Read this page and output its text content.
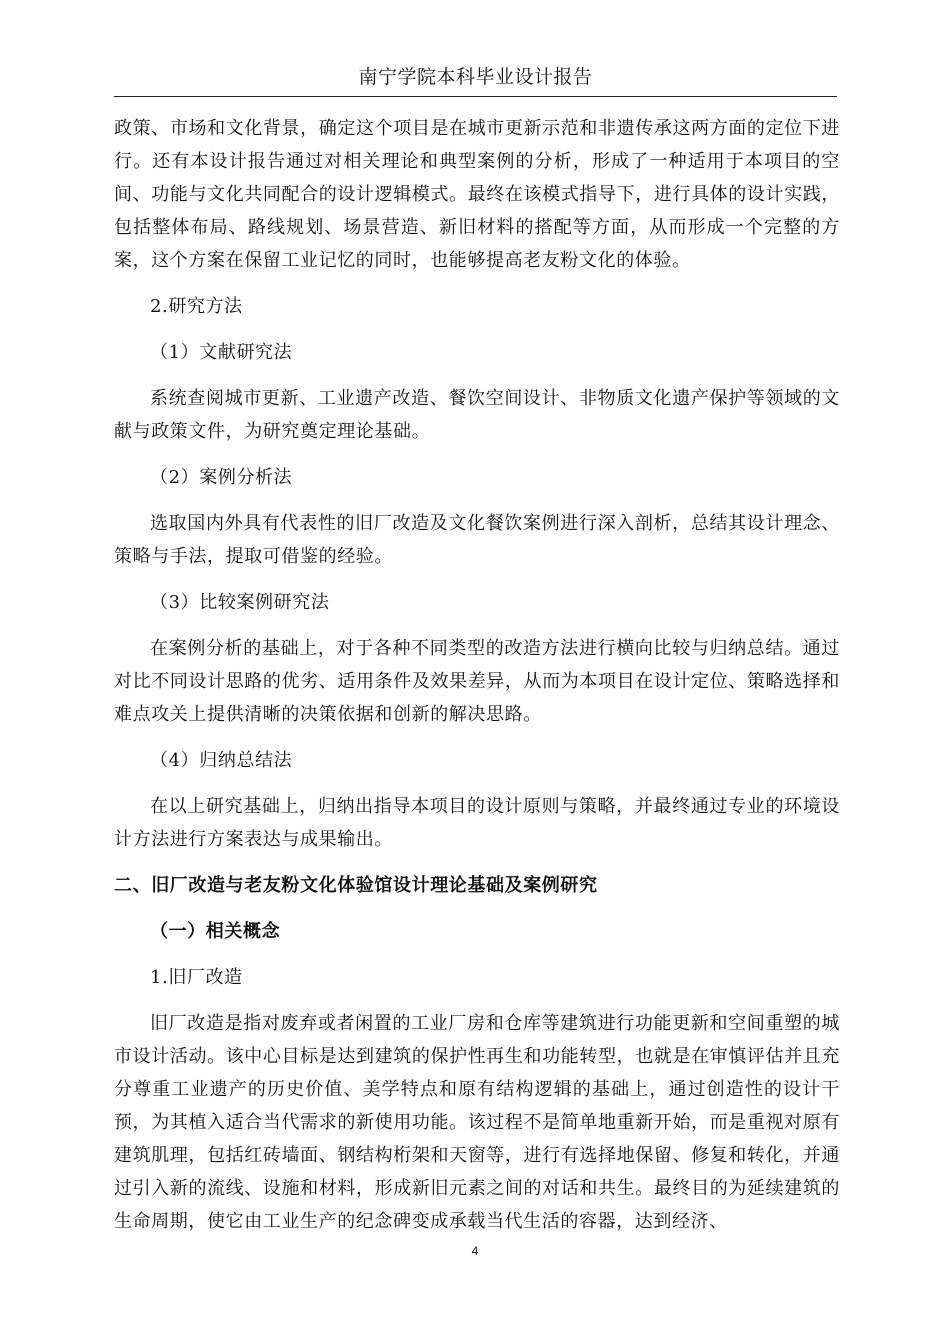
南宁学院本科毕业设计报告

政策、市场和文化背景，确定这个项目是在城市更新示范和非遗传承这两方面的定位下进行。还有本设计报告通过对相关理论和典型案例的分析，形成了一种适用于本项目的空间、功能与文化共同配合的设计逻辑模式。最终在该模式指导下，进行具体的设计实践，包括整体布局、路线规划、场景营造、新旧材料的搭配等方面，从而形成一个完整的方案，这个方案在保留工业记忆的同时，也能够提高老友粉文化的体验。

2.研究方法
（1）文献研究法

系统查阅城市更新、工业遗产改造、餐饮空间设计、非物质文化遗产保护等领域的文献与政策文件，为研究奠定理论基础。

（2）案例分析法

选取国内外具有代表性的旧厂改造及文化餐饮案例进行深入剖析，总结其设计理念、策略与手法，提取可借鉴的经验。

（3）比较案例研究法

在案例分析的基础上，对于各种不同类型的改造方法进行横向比较与归纳总结。通过对比不同设计思路的优劣、适用条件及效果差异，从而为本项目在设计定位、策略选择和难点攻关上提供清晰的决策依据和创新的解决思路。

（4）归纳总结法

在以上研究基础上，归纳出指导本项目的设计原则与策略，并最终通过专业的环境设计方法进行方案表达与成果输出。

二、旧厂改造与老友粉文化体验馆设计理论基础及案例研究
（一）相关概念
1.旧厂改造

旧厂改造是指对废弃或者闲置的工业厂房和仓库等建筑进行功能更新和空间重塑的城市设计活动。该中心目标是达到建筑的保护性再生和功能转型，也就是在审慎评估并且充分尊重工业遗产的历史价值、美学特点和原有结构逻辑的基础上，通过创造性的设计干预，为其植入适合当代需求的新使用功能。该过程不是简单地重新开始，而是重视对原有建筑肌理，包括红砖墙面、钢结构桁架和天窗等，进行有选择地保留、修复和转化，并通过引入新的流线、设施和材料，形成新旧元素之间的对话和共生。最终目的为延续建筑的生命周期，使它由工业生产的纪念碑变成承载当代生活的容器，达到经济、

4
